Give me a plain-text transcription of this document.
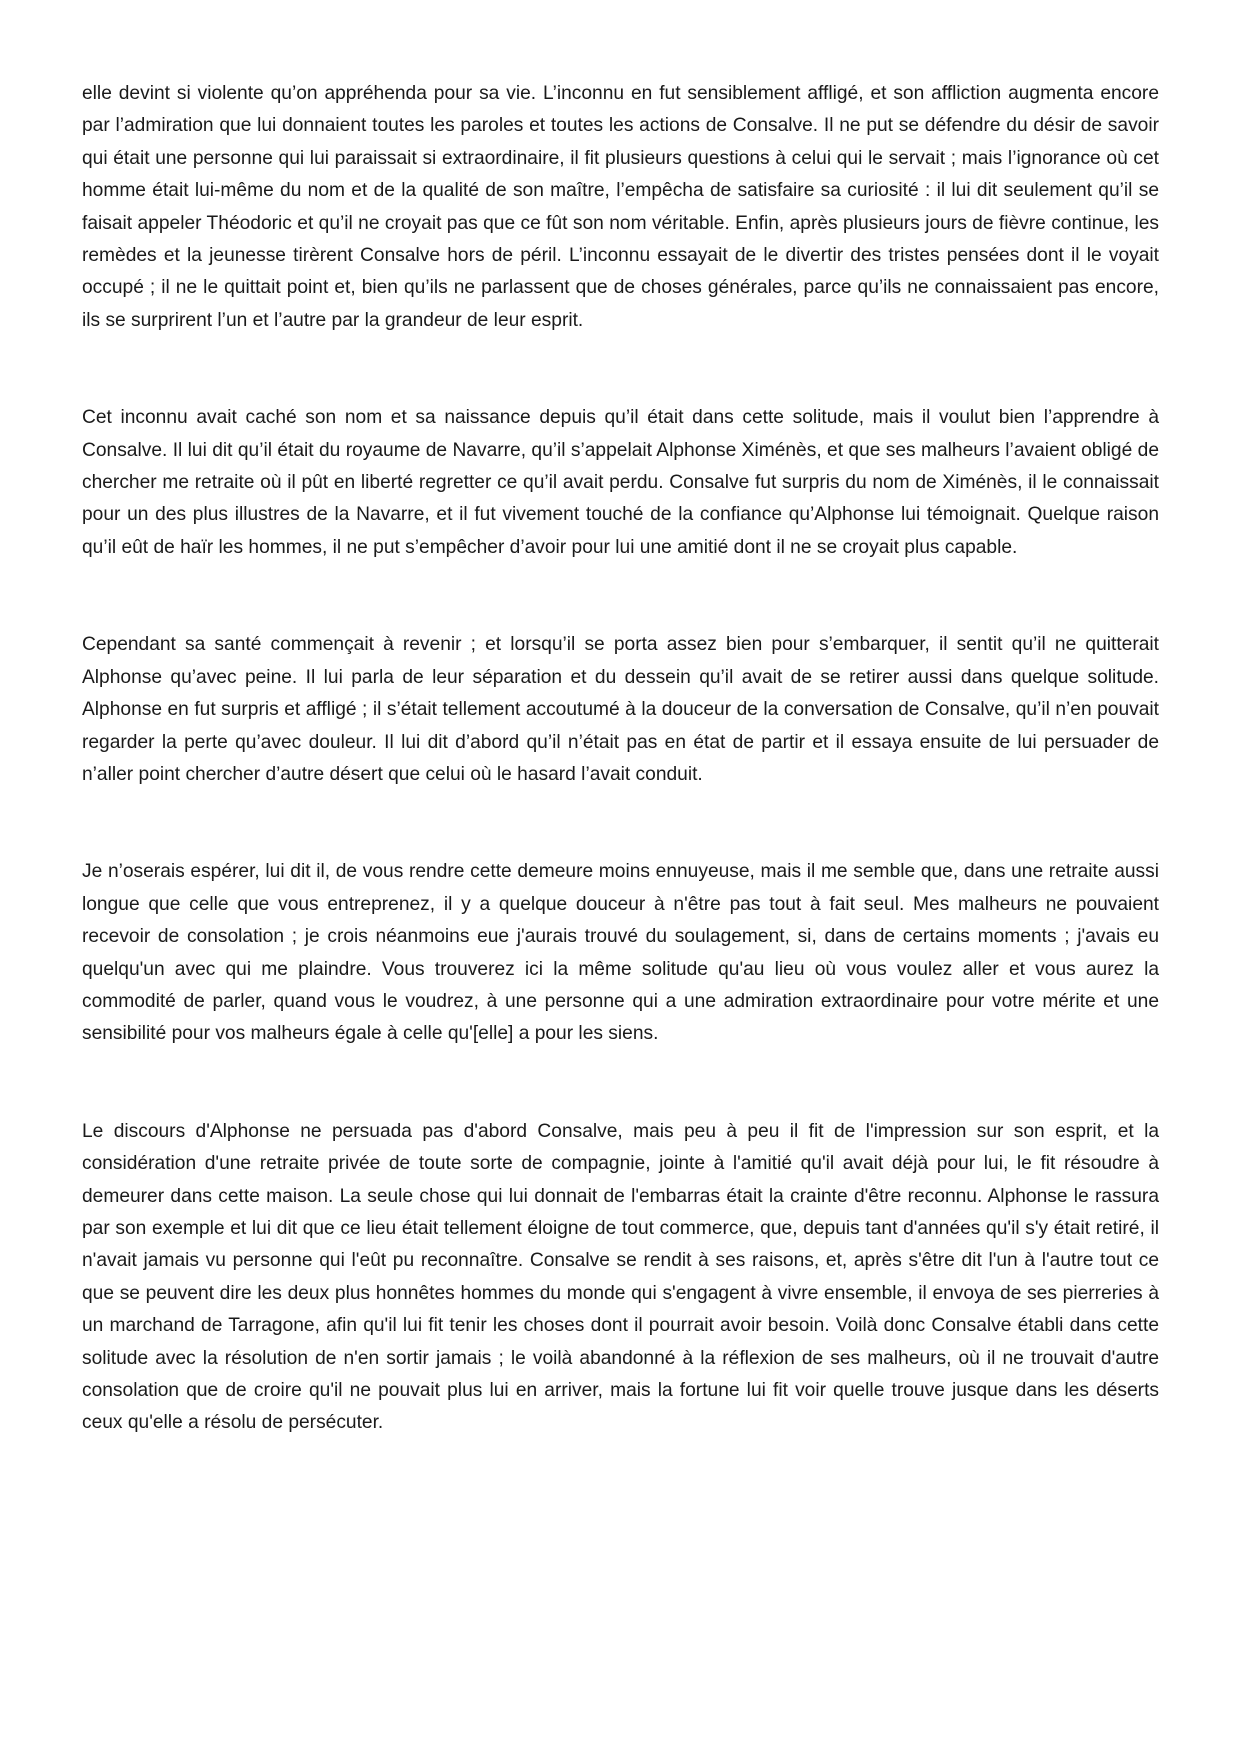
elle devint si violente qu’on appréhenda pour sa vie. L’inconnu en fut sensiblement affligé, et son affliction augmenta encore par l’admiration que lui donnaient toutes les paroles et toutes les actions de Consalve. Il ne put se défendre du désir de savoir qui était une personne qui lui paraissait si extraordinaire, il fit plusieurs questions à celui qui le servait ; mais l’ignorance où cet homme était lui-même du nom et de la qualité de son maître, l’empêcha de satisfaire sa curiosité : il lui dit seulement qu’il se faisait appeler Théodoric et qu’il ne croyait pas que ce fût son nom véritable. Enfin, après plusieurs jours de fièvre continue, les remèdes et la jeunesse tirèrent Consalve hors de péril. L’inconnu essayait de le divertir des tristes pensées dont il le voyait occupé ; il ne le quittait point et, bien qu’ils ne parlassent que de choses générales, parce qu’ils ne connaissaient pas encore, ils se surprirent l’un et l’autre par la grandeur de leur esprit.

Cet inconnu avait caché son nom et sa naissance depuis qu’il était dans cette solitude, mais il voulut bien l’apprendre à Consalve. Il lui dit qu’il était du royaume de Navarre, qu’il s’appelait Alphonse Ximénès, et que ses malheurs l’avaient obligé de chercher me retraite où il pût en liberté regretter ce qu’il avait perdu. Consalve fut surpris du nom de Ximénès, il le connaissait pour un des plus illustres de la Navarre, et il fut vivement touché de la confiance qu’Alphonse lui témoignait. Quelque raison qu’il eût de haïr les hommes, il ne put s’empêcher d’avoir pour lui une amitié dont il ne se croyait plus capable.

Cependant sa santé commençait à revenir ; et lorsqu’il se porta assez bien pour s’embarquer, il sentit qu’il ne quitterait Alphonse qu’avec peine. Il lui parla de leur séparation et du dessein qu’il avait de se retirer aussi dans quelque solitude. Alphonse en fut surpris et affligé ; il s’était tellement accoutumé à la douceur de la conversation de Consalve, qu’il n’en pouvait regarder la perte qu’avec douleur. Il lui dit d’abord qu’il n’était pas en état de partir et il essaya ensuite de lui persuader de n’aller point chercher d’autre désert que celui où le hasard l’avait conduit.

Je n’oserais espérer, lui dit il, de vous rendre cette demeure moins ennuyeuse, mais il me semble que, dans une retraite aussi longue que celle que vous entreprenez, il y a quelque douceur à n'être pas tout à fait seul. Mes malheurs ne pouvaient recevoir de consolation ; je crois néanmoins eue j'aurais trouvé du soulagement, si, dans de certains moments ; j'avais eu quelqu'un avec qui me plaindre. Vous trouverez ici la même solitude qu'au lieu où vous voulez aller et vous aurez la commodité de parler, quand vous le voudrez, à une personne qui a une admiration extraordinaire pour votre mérite et une sensibilité pour vos malheurs égale à celle qu'[elle] a pour les siens.

Le discours d'Alphonse ne persuada pas d'abord Consalve, mais peu à peu il fit de l'impression sur son esprit, et la considération d'une retraite privée de toute sorte de compagnie, jointe à l'amitié qu'il avait déjà pour lui, le fit résoudre à demeurer dans cette maison. La seule chose qui lui donnait de l'embarras était la crainte d'être reconnu. Alphonse le rassura par son exemple et lui dit que ce lieu était tellement éloigne de tout commerce, que, depuis tant d'années qu'il s'y était retiré, il n'avait jamais vu personne qui l'eût pu reconnaître. Consalve se rendit à ses raisons, et, après s'être dit l'un à l'autre tout ce que se peuvent dire les deux plus honnêtes hommes du monde qui s'engagent à vivre ensemble, il envoya de ses pierreries à un marchand de Tarragone, afin qu'il lui fit tenir les choses dont il pourrait avoir besoin. Voilà donc Consalve établi dans cette solitude avec la résolution de n'en sortir jamais ; le voilà abandonné à la réflexion de ses malheurs, où il ne trouvait d'autre consolation que de croire qu'il ne pouvait plus lui en arriver, mais la fortune lui fit voir quelle trouve jusque dans les déserts ceux qu'elle a résolu de persécuter.
